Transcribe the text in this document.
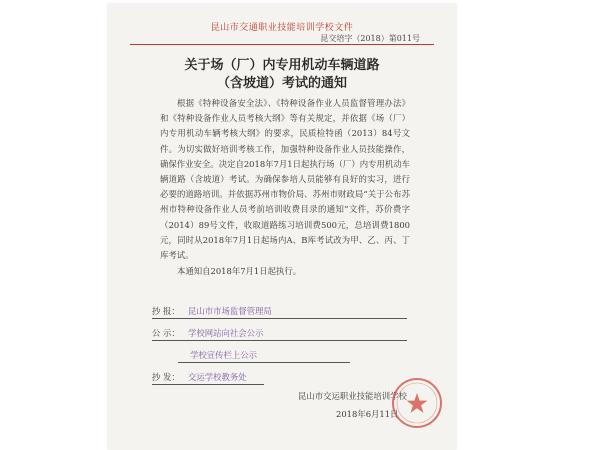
昆山市交通职业技能培训学校文件
昆交培字（2018）第011号
关于场（厂）内专用机动车辆道路
（含坡道）考试的通知

根据《特种设备安全法》、《特种设备作业人员监督管理办法》和《特种设备作业人员考核大纲》等有关规定，并依据《场（厂）内专用机动车辆考核大纲》的要求，民质检特函（2013）84号文件。为切实做好培训考核工作，加强特种设备作业人员技能操作，确保作业安全。决定自2018年7月1日起执行场（厂）内专用机动车辆道路（含坡道）考试。为确保参培人员能够有良好的实习，进行必要的道路培训。并依据苏州市物价局、苏州市财政局“关于公布苏州市特种设备作业人员考前培训收费目录的通知”文件，苏价费字（2014）89号文件，收取道路练习培训费500元，总培训费1800元，同时从2018年7月1日起场内A、B库考试改为甲、乙、丙、丁库考试。

本通知自2018年7月1日起执行。

抄 报： 昆山市市场监督管理局
公 示： 学校网站向社会公示
学校宣传栏上公示
抄 发： 交运学校教务处
昆山市交运职业技能培训学校
2018年6月11日
